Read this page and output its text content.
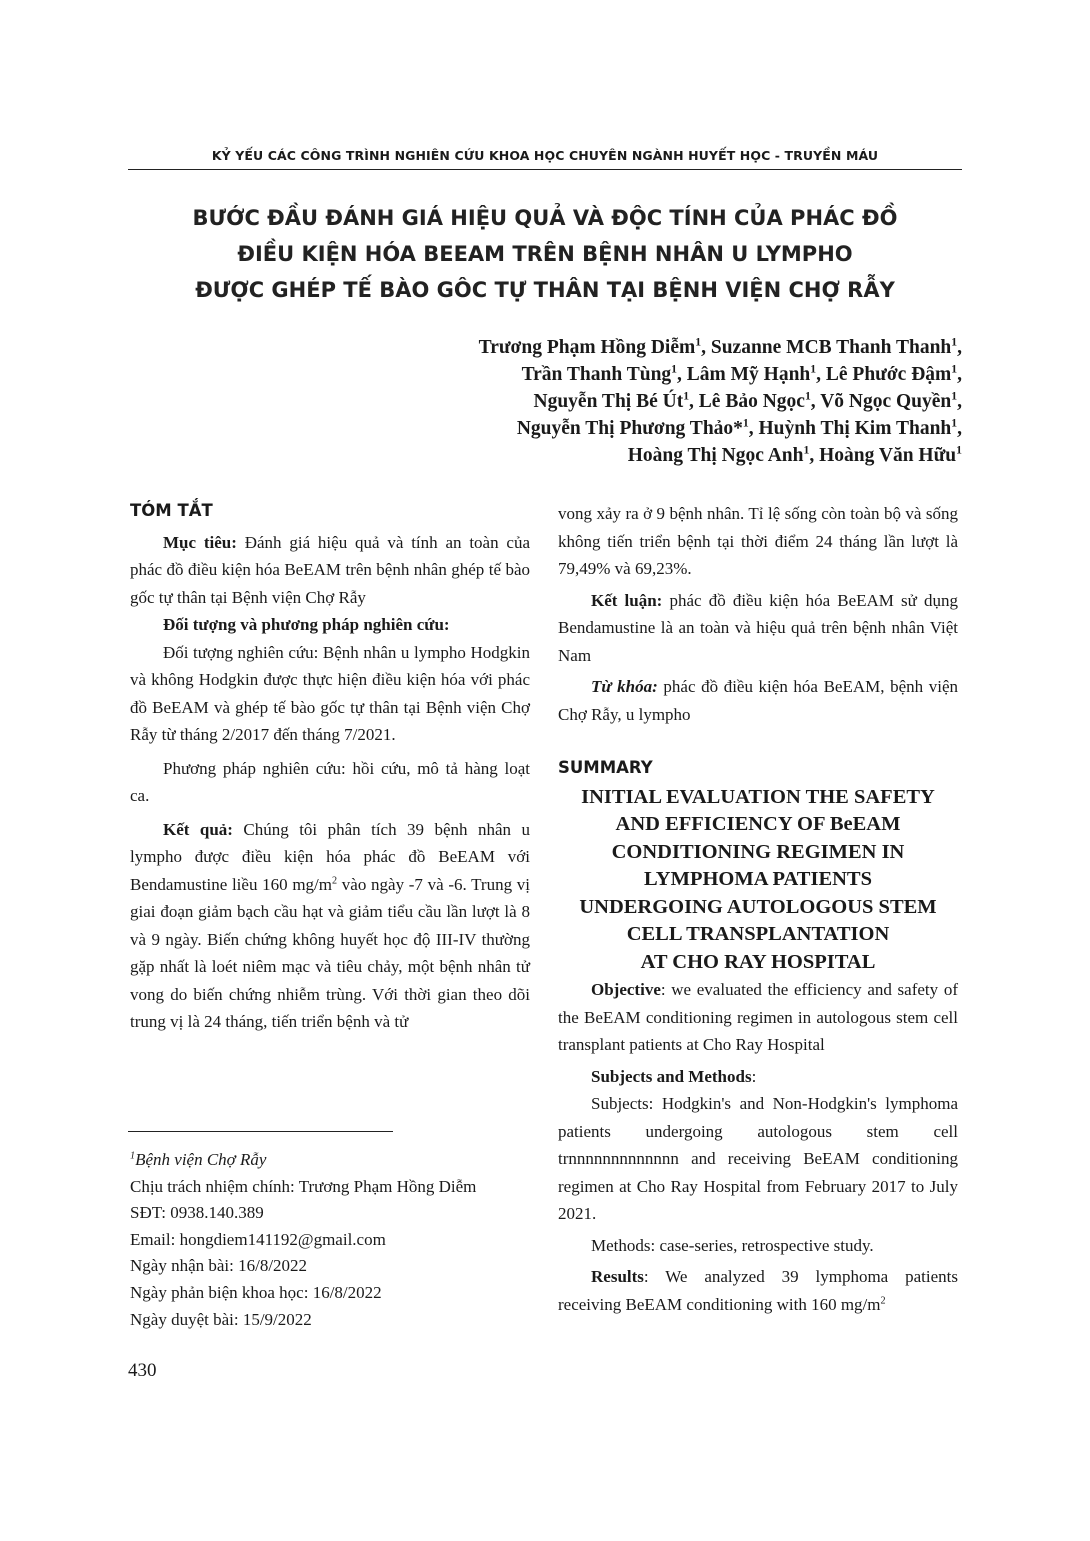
KỶ YẾU CÁC CÔNG TRÌNH NGHIÊN CỨU KHOA HỌC CHUYÊN NGÀNH HUYẾT HỌC - TRUYỀN MÁU
BƯỚC ĐẦU ĐÁNH GIÁ HIỆU QUẢ VÀ ĐỘC TÍNH CỦA PHÁC ĐỒ
ĐIỀU KIỆN HÓA BEEAM TRÊN BỆNH NHÂN U LYMPHO
ĐƯỢC GHÉP TẾ BÀO GÔC TỰ THÂN TẠI BỆNH VIỆN CHỢ RẪY
Trương Phạm Hồng Diễm$^1$, Suzanne MCB Thanh Thanh$^1$,
Trần Thanh Tùng$^1$, Lâm Mỹ Hạnh$^1$, Lê Phước Đậm$^1$,
Nguyễn Thị Bé $Út^1$, Lê Bảo Ngọc$^1$, Võ Ngọc Quyền$^1$,
Nguyễn Thị Phương Thảo*$^1$, Huỳnh Thị Kim Thanh$^1$,
Hoàng Thị Ngọc Anh$^1$, Hoàng Văn Hữu$^1$

TÓM TẮT

Mục tiêu: Đánh giá hiệu quả và tính an toàn của phác đồ điều kiện hóa BeEAM trên bệnh nhân ghép tế bào gốc tự thân tại Bệnh viện Chợ Rẫy

Đối tượng và phương pháp nghiên cứu:

Đối tượng nghiên cứu: Bệnh nhân u lympho Hodgkin và không Hodgkin được thực hiện điều kiện hóa với phác đồ BeEAM và ghép tế bào gốc tự thân tại Bệnh viện Chợ Rẫy từ tháng 2/2017 đến tháng 7/2021.

Phương pháp nghiên cứu: hồi cứu, mô tả hàng loạt ca.

Kết quả: Chúng tôi phân tích 39 bệnh nhân u lympho được điều kiện hóa phác đồ BeEAM với Bendamustine liều 160 $mg/m^2$ vào ngày -7 và -6. Trung vị giai đoạn giảm bạch cầu hạt và giảm tiểu cầu lần lượt là 8 và 9 ngày. Biến chứng không huyết học độ III-IV thường gặp nhất là loét niêm mạc và tiêu chảy, một bệnh nhân tử vong do biến chứng nhiễm trùng. Với thời gian theo dõi trung vị là 24 tháng, tiến triển bệnh và tử

$^1$Bệnh viện Chợ Rẫy
Chịu trách nhiệm chính: Trương Phạm Hồng Diễm
SĐT: 0938.140.389
Email: hongdiem141192@gmail.com
Ngày nhận bài: 16/8/2022
Ngày phản biện khoa học: 16/8/2022
Ngày duyệt bài: 15/9/2022

vong xảy ra ở 9 bệnh nhân. Tỉ lệ sống còn toàn bộ và sống không tiến triển bệnh tại thời điểm 24 tháng lần lượt là 79,49% và 69,23%.

Kết luận: phác đồ điều kiện hóa BeEAM sử dụng Bendamustine là an toàn và hiệu quả trên bệnh nhân Việt Nam

Từ khóa: phác đồ điều kiện hóa BeEAM, bệnh viện Chợ Rẫy, u lympho

SUMMARY

INITIAL EVALUATION THE SAFETY
AND EFFICIENCY OF BeEAM
CONDITIONING REGIMEN IN
LYMPHOMA PATIENTS
UNDERGOING AUTOLOGOUS STEM
CELL TRANSPLANTATION
AT CHO RAY HOSPITAL

Objective: we evaluated the efficiency and safety of the BeEAM conditioning regimen in autologous stem cell transplant patients at Cho Ray Hospital

Subjects and Methods:

Subjects: Hodgkin's and Non-Hodgkin's lymphoma patients undergoing autologous stem cell trnnnnnnnnnnnnn and receiving BeEAM conditioning regimen at Cho Ray Hospital from February 2017 to July 2021.

Methods: case-series, retrospective study.

Results: We analyzed 39 lymphoma patients receiving BeEAM conditioning with 160 $mg/m^2$

430
